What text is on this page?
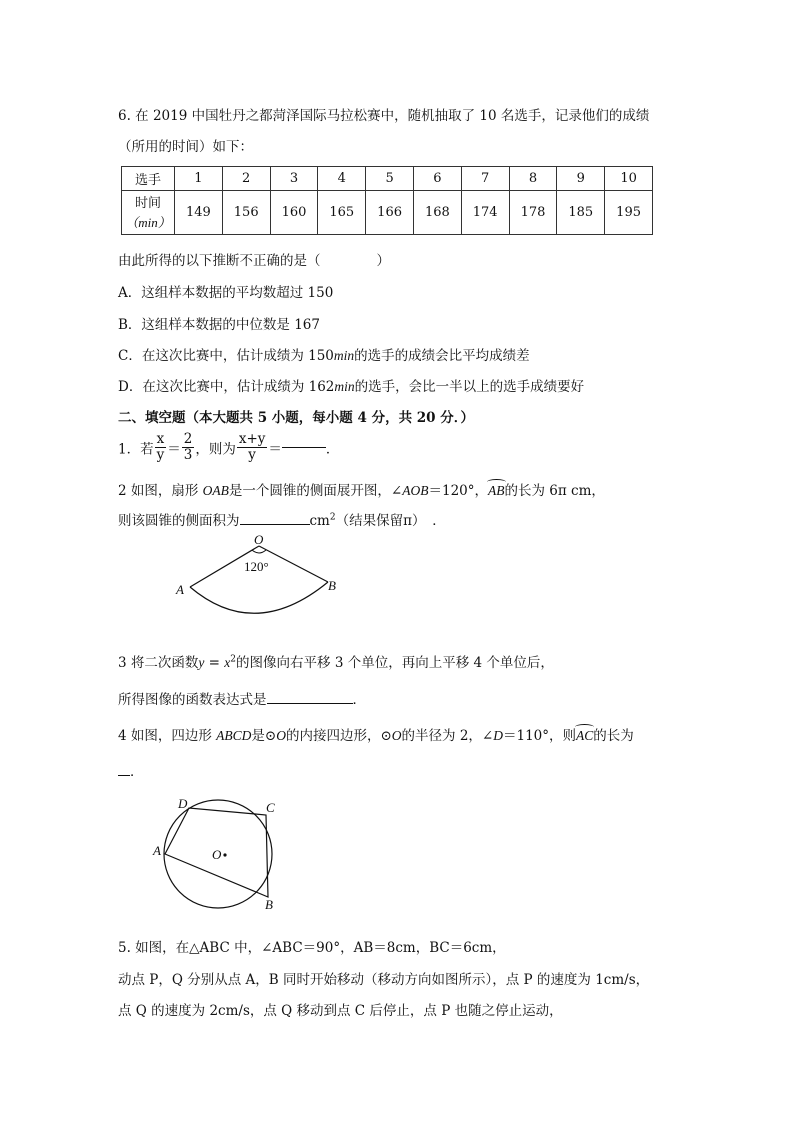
6. 在 2019 中国牡丹之都菏泽国际马拉松赛中，随机抽取了 10 名选手，记录他们的成绩
（所用的时间）如下：
选手	1	2	3	4	5	6	7	8	9	10

时间
（min）	149	156	160	165	166	168	174	178	185	195
由此所得的以下推断不正确的是（	）
A．这组样本数据的平均数超过 150
B．这组样本数据的中位数是 167
C．在这次比赛中，估计成绩为 150min的选手的成绩会比平均成绩差
D．在这次比赛中，估计成绩为 162min的选手，会比一半以上的选手成绩要好
二、填空题（本大题共 5 小题，每小题 4 分，共 20 分．）
1．若 $\frac{x}{y} = \frac{2}{3}$ ，则为 $\frac{x+y}{y}$ ＝	．
2 如图，扇形 OAB是一个圆锥的侧面展开图，∠AOB＝120°，AB的长为 6π cm，
则该圆锥的侧面积为	$cm^2$（结果保留π）　．
O
120°
A	B
3 将二次函数$y = x^2$的图像向右平移 3 个单位，再向上平移 4 个单位后，
所得图像的函数表达式是	．
4 如图，四边形 ABCD是⊙O的内接四边形，⊙O的半径为 2，∠D＝110°，则AC的长为
．
A
B
C
D
O
5. 如图，在△ABC 中，∠ABC＝90°，AB＝8cm，BC＝6cm，
动点 P，Q 分别从点 A，B 同时开始移动（移动方向如图所示），点 P 的速度为 1cm/s，
点 Q 的速度为 2cm/s，点 Q 移动到点 C 后停止，点 P 也随之停止运动，
